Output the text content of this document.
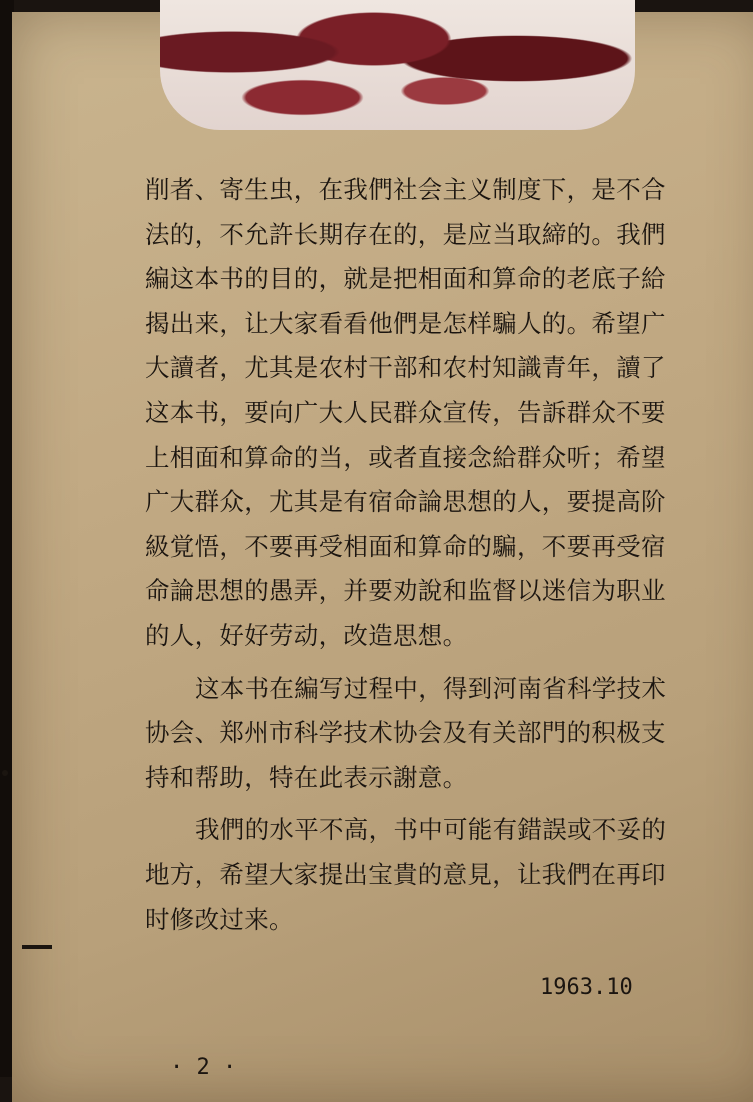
削者、寄生虫，在我們社会主义制度下，是不合
法的，不允許长期存在的，是应当取締的。我們
編这本书的目的，就是把相面和算命的老底子給
揭出来，让大家看看他們是怎样騙人的。希望广
大讀者，尤其是农村干部和农村知識青年，讀了
这本书，要向广大人民群众宣传，告訴群众不要
上相面和算命的当，或者直接念給群众听；希望
广大群众，尤其是有宿命論思想的人，要提高阶
級覚悟，不要再受相面和算命的騙，不要再受宿
命論思想的愚弄，并要劝說和监督以迷信为职业
的人，好好劳动，改造思想。

这本书在編写过程中，得到河南省科学技术
协会、郑州市科学技术协会及有关部門的积极支
持和帮助，特在此表示謝意。

我們的水平不高，书中可能有錯誤或不妥的
地方，希望大家提出宝貴的意見，让我們在再印
时修改过来。

1963.10
· 2 ·
